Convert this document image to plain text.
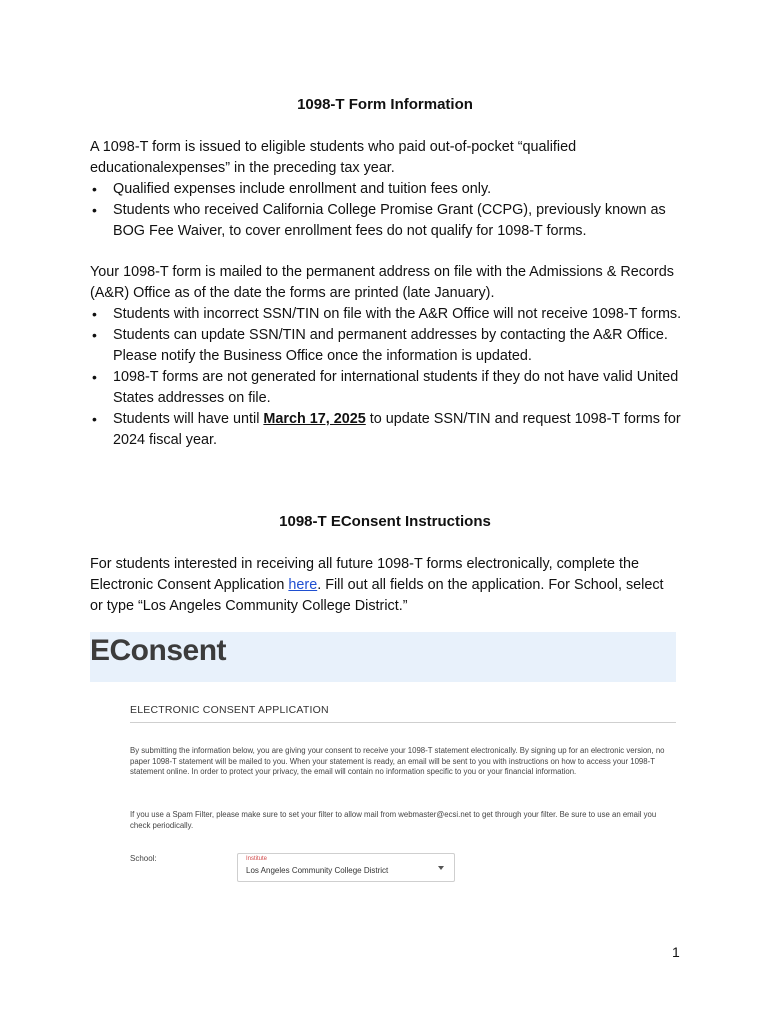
1098-T Form Information
A 1098-T form is issued to eligible students who paid out-of-pocket “qualified educationalexpenses” in the preceding tax year.
• Qualified expenses include enrollment and tuition fees only.
• Students who received California College Promise Grant (CCPG), previously known as BOG Fee Waiver, to cover enrollment fees do not qualify for 1098-T forms.
Your 1098-T form is mailed to the permanent address on file with the Admissions & Records (A&R) Office as of the date the forms are printed (late January).
• Students with incorrect SSN/TIN on file with the A&R Office will not receive 1098-T forms.
• Students can update SSN/TIN and permanent addresses by contacting the A&R Office. Please notify the Business Office once the information is updated.
• 1098-T forms are not generated for international students if they do not have valid United States addresses on file.
• Students will have until March 17, 2025 to update SSN/TIN and request 1098-T forms for 2024 fiscal year.
1098-T EConsent Instructions
For students interested in receiving all future 1098-T forms electronically, complete the Electronic Consent Application here. Fill out all fields on the application. For School, select or type “Los Angeles Community College District.”
EConsent
ELECTRONIC CONSENT APPLICATION
By submitting the information below, you are giving your consent to receive your 1098-T statement electronically. By signing up for an electronic version, no paper 1098-T statement will be mailed to you. When your statement is ready, an email will be sent to you with instructions on how to access your 1098-T statement online. In order to protect your privacy, the email will contain no information specific to you or your financial information.
If you use a Spam Filter, please make sure to set your filter to allow mail from webmaster@ecsi.net to get through your filter. Be sure to use an email you check periodically.
School:	Institute
Los Angeles Community College District
1
